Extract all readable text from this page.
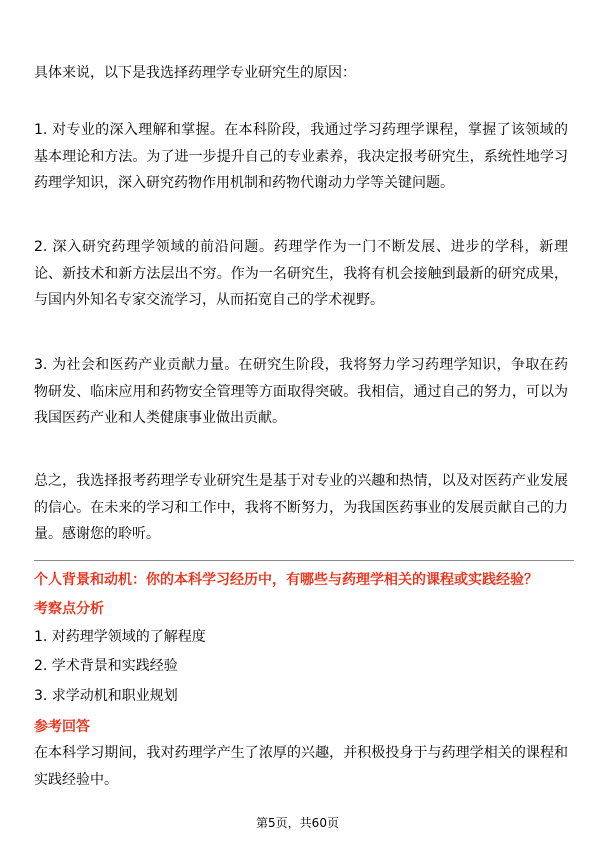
具体来说，以下是我选择药理学专业研究生的原因：

1. 对专业的深入理解和掌握。在本科阶段，我通过学习药理学课程，掌握了该领域的基本理论和方法。为了进一步提升自己的专业素养，我决定报考研究生，系统性地学习药理学知识，深入研究药物作用机制和药物代谢动力学等关键问题。

2. 深入研究药理学领域的前沿问题。药理学作为一门不断发展、进步的学科，新理论、新技术和新方法层出不穷。作为一名研究生，我将有机会接触到最新的研究成果，与国内外知名专家交流学习，从而拓宽自己的学术视野。

3. 为社会和医药产业贡献力量。在研究生阶段，我将努力学习药理学知识，争取在药物研发、临床应用和药物安全管理等方面取得突破。我相信，通过自己的努力，可以为我国医药产业和人类健康事业做出贡献。

总之，我选择报考药理学专业研究生是基于对专业的兴趣和热情，以及对医药产业发展的信心。在未来的学习和工作中，我将不断努力，为我国医药事业的发展贡献自己的力量。感谢您的聆听。

个人背景和动机：你的本科学习经历中，有哪些与药理学相关的课程或实践经验？

考察点分析

1. 对药理学领域的了解程度

2. 学术背景和实践经验

3. 求学动机和职业规划

参考回答

在本科学习期间，我对药理学产生了浓厚的兴趣，并积极投身于与药理学相关的课程和实践经验中。

第5页，共60页
